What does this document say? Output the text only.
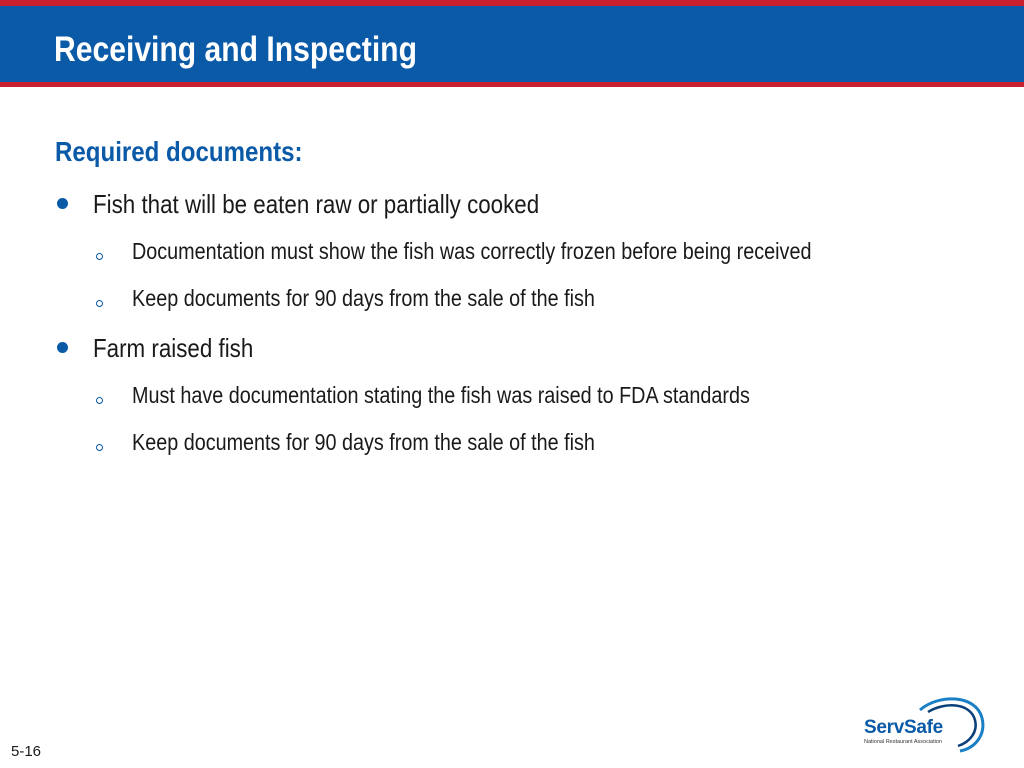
Receiving and Inspecting
Required documents:
Fish that will be eaten raw or partially cooked
Documentation must show the fish was correctly frozen before being received
Keep documents for 90 days from the sale of the fish
Farm raised fish
Must have documentation stating the fish was raised to FDA standards
Keep documents for 90 days from the sale of the fish
5-16
ServSafe
National Restaurant Association
